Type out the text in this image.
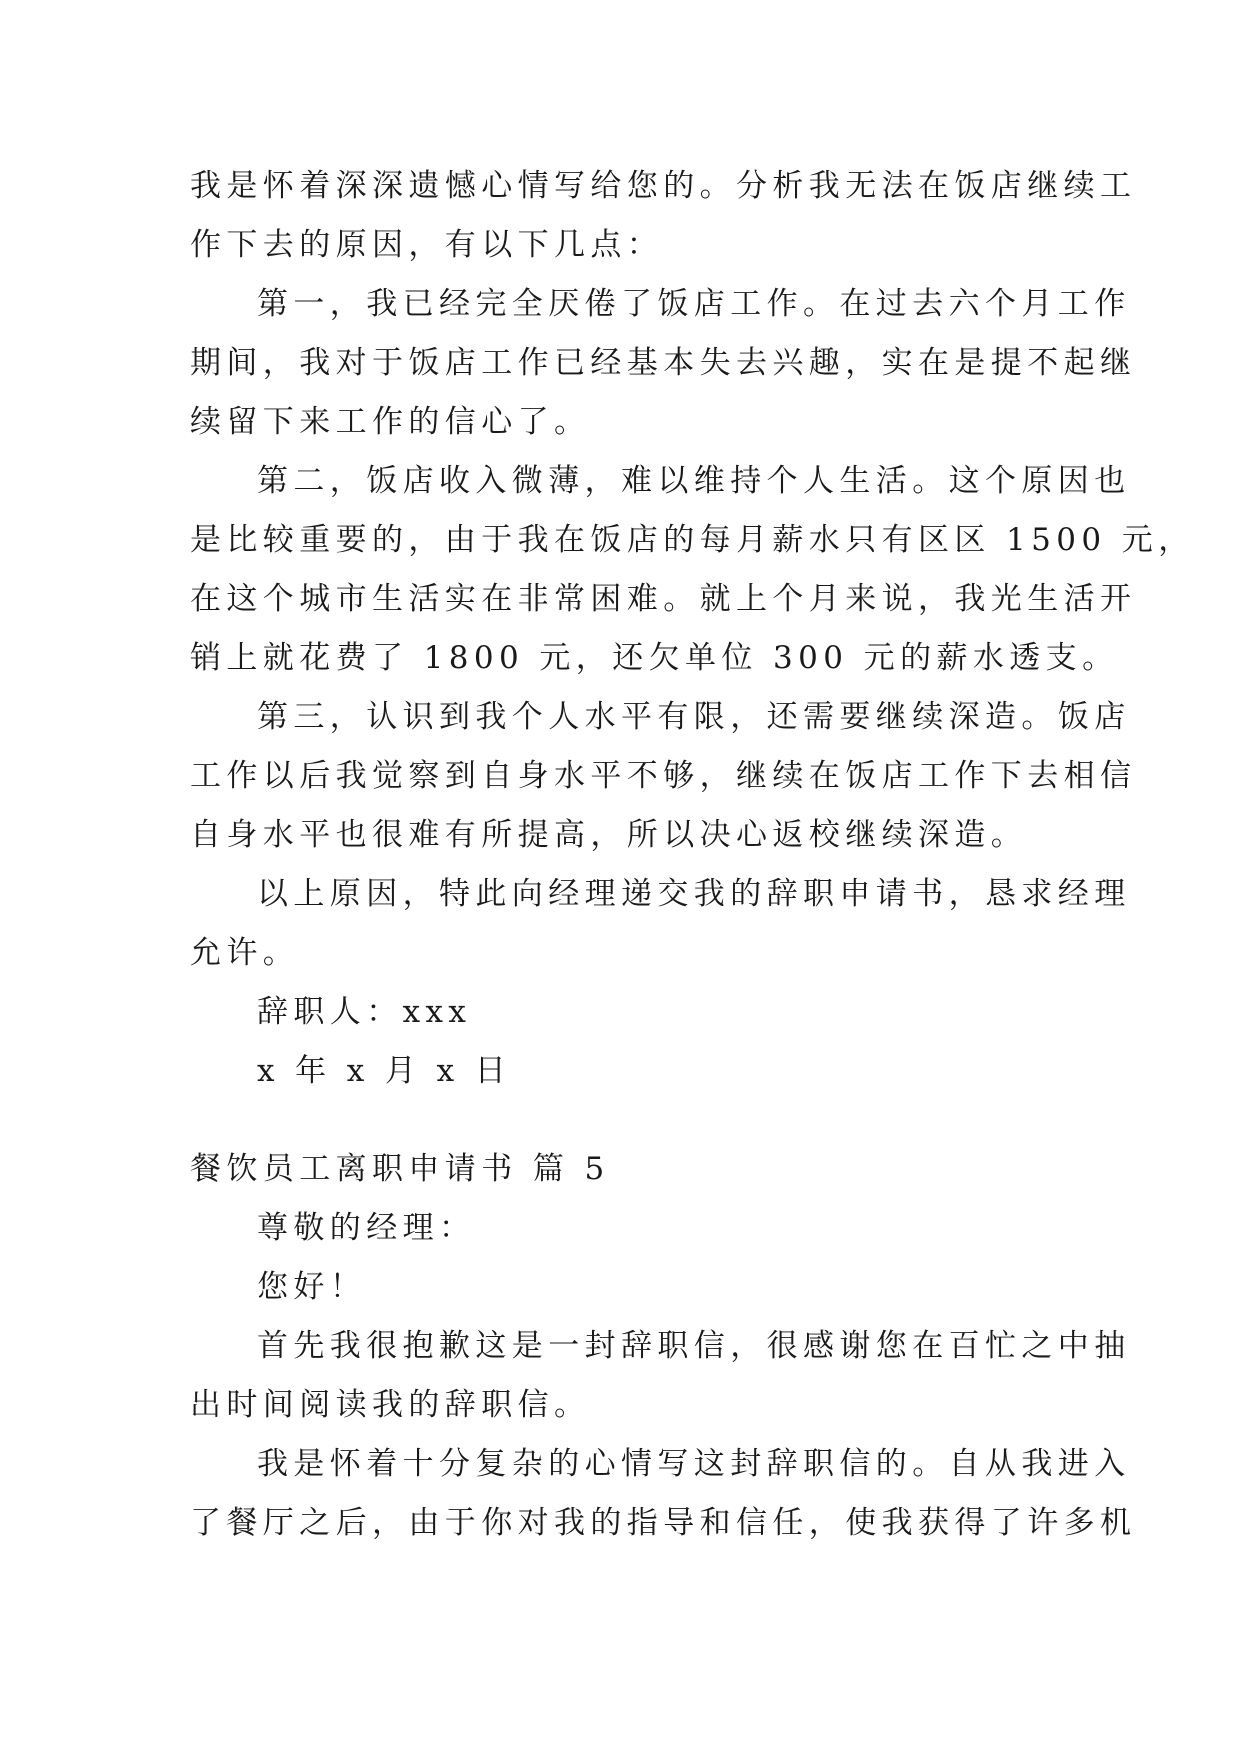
我是怀着深深遗憾心情写给您的。分析我无法在饭店继续工
作下去的原因，有以下几点：
第一，我已经完全厌倦了饭店工作。在过去六个月工作
期间，我对于饭店工作已经基本失去兴趣，实在是提不起继
续留下来工作的信心了。
第二，饭店收入微薄，难以维持个人生活。这个原因也
是比较重要的，由于我在饭店的每月薪水只有区区 1500 元，
在这个城市生活实在非常困难。就上个月来说，我光生活开
销上就花费了 1800 元，还欠单位 300 元的薪水透支。
第三，认识到我个人水平有限，还需要继续深造。饭店
工作以后我觉察到自身水平不够，继续在饭店工作下去相信
自身水平也很难有所提高，所以决心返校继续深造。
以上原因，特此向经理递交我的辞职申请书，恳求经理
允许。
辞职人：xxx
x 年 x 月 x 日
餐饮员工离职申请书 篇 5
尊敬的经理：
您好！
首先我很抱歉这是一封辞职信，很感谢您在百忙之中抽
出时间阅读我的辞职信。
我是怀着十分复杂的心情写这封辞职信的。自从我进入
了餐厅之后，由于你对我的指导和信任，使我获得了许多机
